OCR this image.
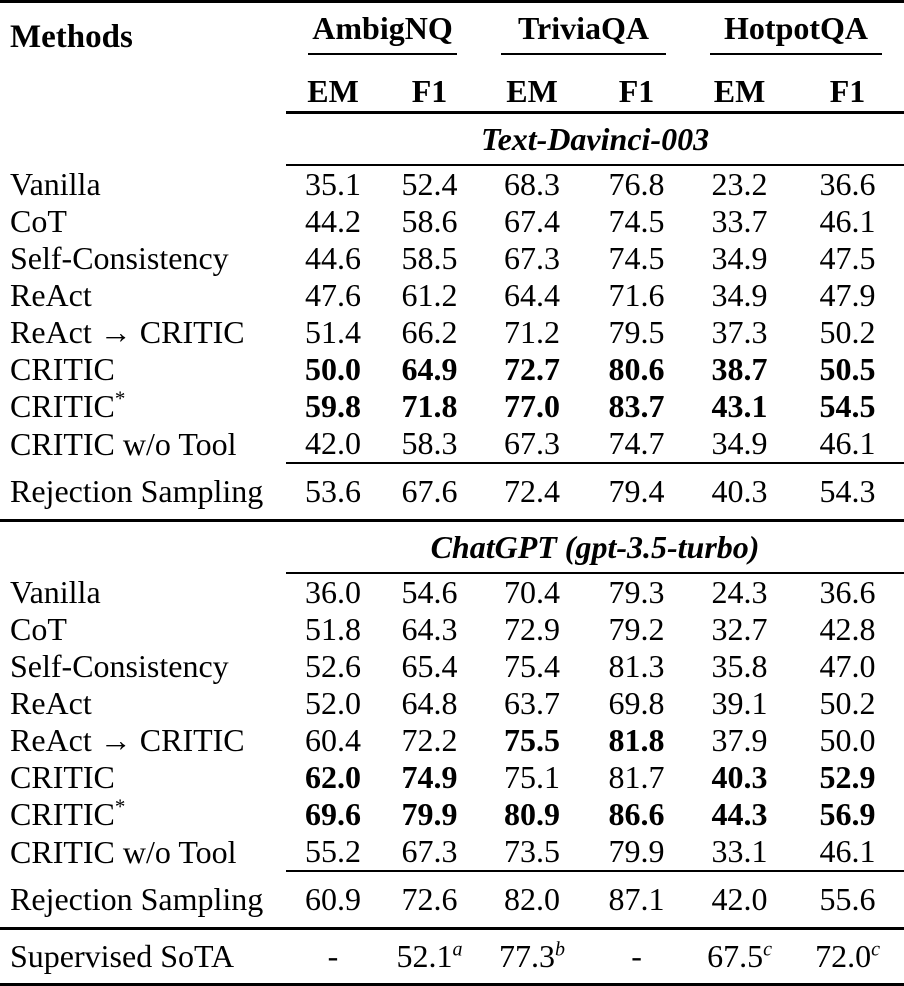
Methods	AmbigNQ		TriviaQA		HotpotQA	

	EM	F1	EM	F1	EM	F1
	Text-Davinci-003					
Vanilla	35.1	52.4	68.3	76.8	23.2	36.6
CoT	44.2	58.6	67.4	74.5	33.7	46.1
Self-Consistency	44.6	58.5	67.3	74.5	34.9	47.5
ReAct	47.6	61.2	64.4	71.6	34.9	47.9
ReAct → CRITIC	51.4	66.2	71.2	79.5	37.3	50.2
CRITIC	50.0	64.9	72.7	80.6	38.7	50.5
CRITIC*	59.8	71.8	77.0	83.7	43.1	54.5
CRITIC w/o Tool	42.0	58.3	67.3	74.7	34.9	46.1
Rejection Sampling	53.6	67.6	72.4	79.4	40.3	54.3
	ChatGPT (gpt-3.5-turbo)					
Vanilla	36.0	54.6	70.4	79.3	24.3	36.6
CoT	51.8	64.3	72.9	79.2	32.7	42.8
Self-Consistency	52.6	65.4	75.4	81.3	35.8	47.0
ReAct	52.0	64.8	63.7	69.8	39.1	50.2
ReAct → CRITIC	60.4	72.2	75.5	81.8	37.9	50.0
CRITIC	62.0	74.9	75.1	81.7	40.3	52.9
CRITIC*	69.6	79.9	80.9	86.6	44.3	56.9
CRITIC w/o Tool	55.2	67.3	73.5	79.9	33.1	46.1
Rejection Sampling	60.9	72.6	82.0	87.1	42.0	55.6
Supervised SoTA	-	52.1$^a$	77.3$^b$	-	67.5$^c$	72.0$^c$
